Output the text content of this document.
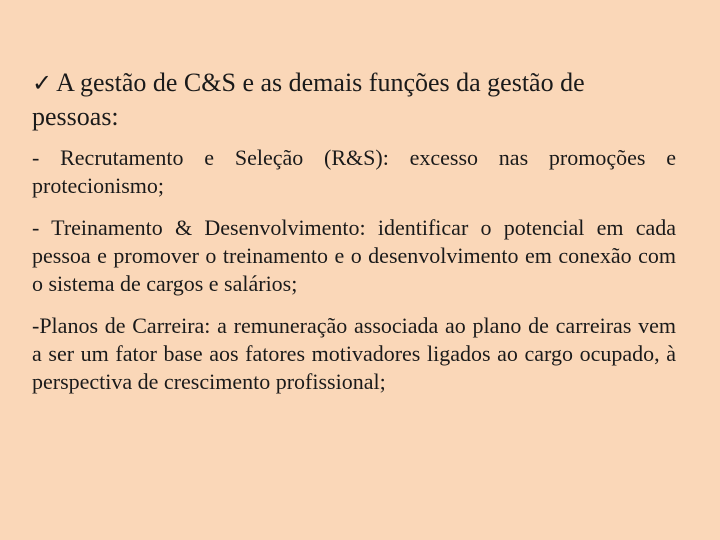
✓ A gestão de C&S e as demais funções da gestão de pessoas:

- Recrutamento e Seleção (R&S): excesso nas promoções e protecionismo;

- Treinamento & Desenvolvimento: identificar o potencial em cada pessoa e promover o treinamento e o desenvolvimento em conexão com o sistema de cargos e salários;

-Planos de Carreira: a remuneração associada ao plano de carreiras vem a ser um fator base aos fatores motivadores ligados ao cargo ocupado, à perspectiva de crescimento profissional;
